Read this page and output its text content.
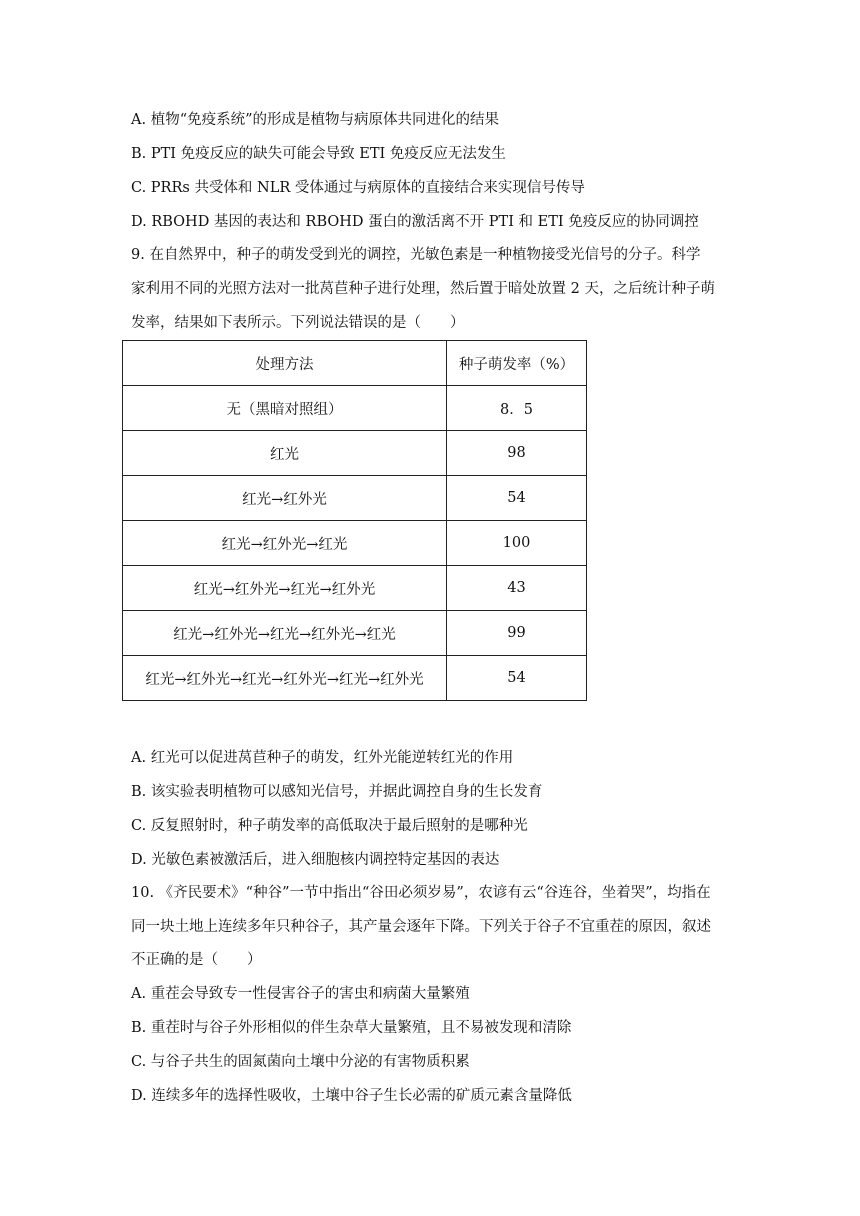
A. 植物“免疫系统”的形成是植物与病原体共同进化的结果
B. PTI 免疫反应的缺失可能会导致 ETI 免疫反应无法发生
C. PRRs 共受体和 NLR 受体通过与病原体的直接结合来实现信号传导
D. RBOHD 基因的表达和 RBOHD 蛋白的激活离不开 PTI 和 ETI 免疫反应的协同调控
9. 在自然界中，种子的萌发受到光的调控，光敏色素是一种植物接受光信号的分子。科学
家利用不同的光照方法对一批莴苣种子进行处理，然后置于暗处放置 2 天，之后统计种子萌
发率，结果如下表所示。下列说法错误的是（　　）
处理方法	种子萌发率（%）
无（黑暗对照组）	8．5
红光	98
红光→红外光	54
红光→红外光→红光	100
红光→红外光→红光→红外光	43
红光→红外光→红光→红外光→红光	99
红光→红外光→红光→红外光→红光→红外光	54
A. 红光可以促进莴苣种子的萌发，红外光能逆转红光的作用
B. 该实验表明植物可以感知光信号，并据此调控自身的生长发育
C. 反复照射时，种子萌发率的高低取决于最后照射的是哪种光
D. 光敏色素被激活后，进入细胞核内调控特定基因的表达
10. 《齐民要术》“种谷”一节中指出“谷田必须岁易”，农谚有云“谷连谷，坐着哭”，均指在
同一块土地上连续多年只种谷子，其产量会逐年下降。下列关于谷子不宜重茬的原因，叙述
不正确的是（　　）
A. 重茬会导致专一性侵害谷子的害虫和病菌大量繁殖
B. 重茬时与谷子外形相似的伴生杂草大量繁殖，且不易被发现和清除
C. 与谷子共生的固氮菌向土壤中分泌的有害物质积累
D. 连续多年的选择性吸收，土壤中谷子生长必需的矿质元素含量降低
